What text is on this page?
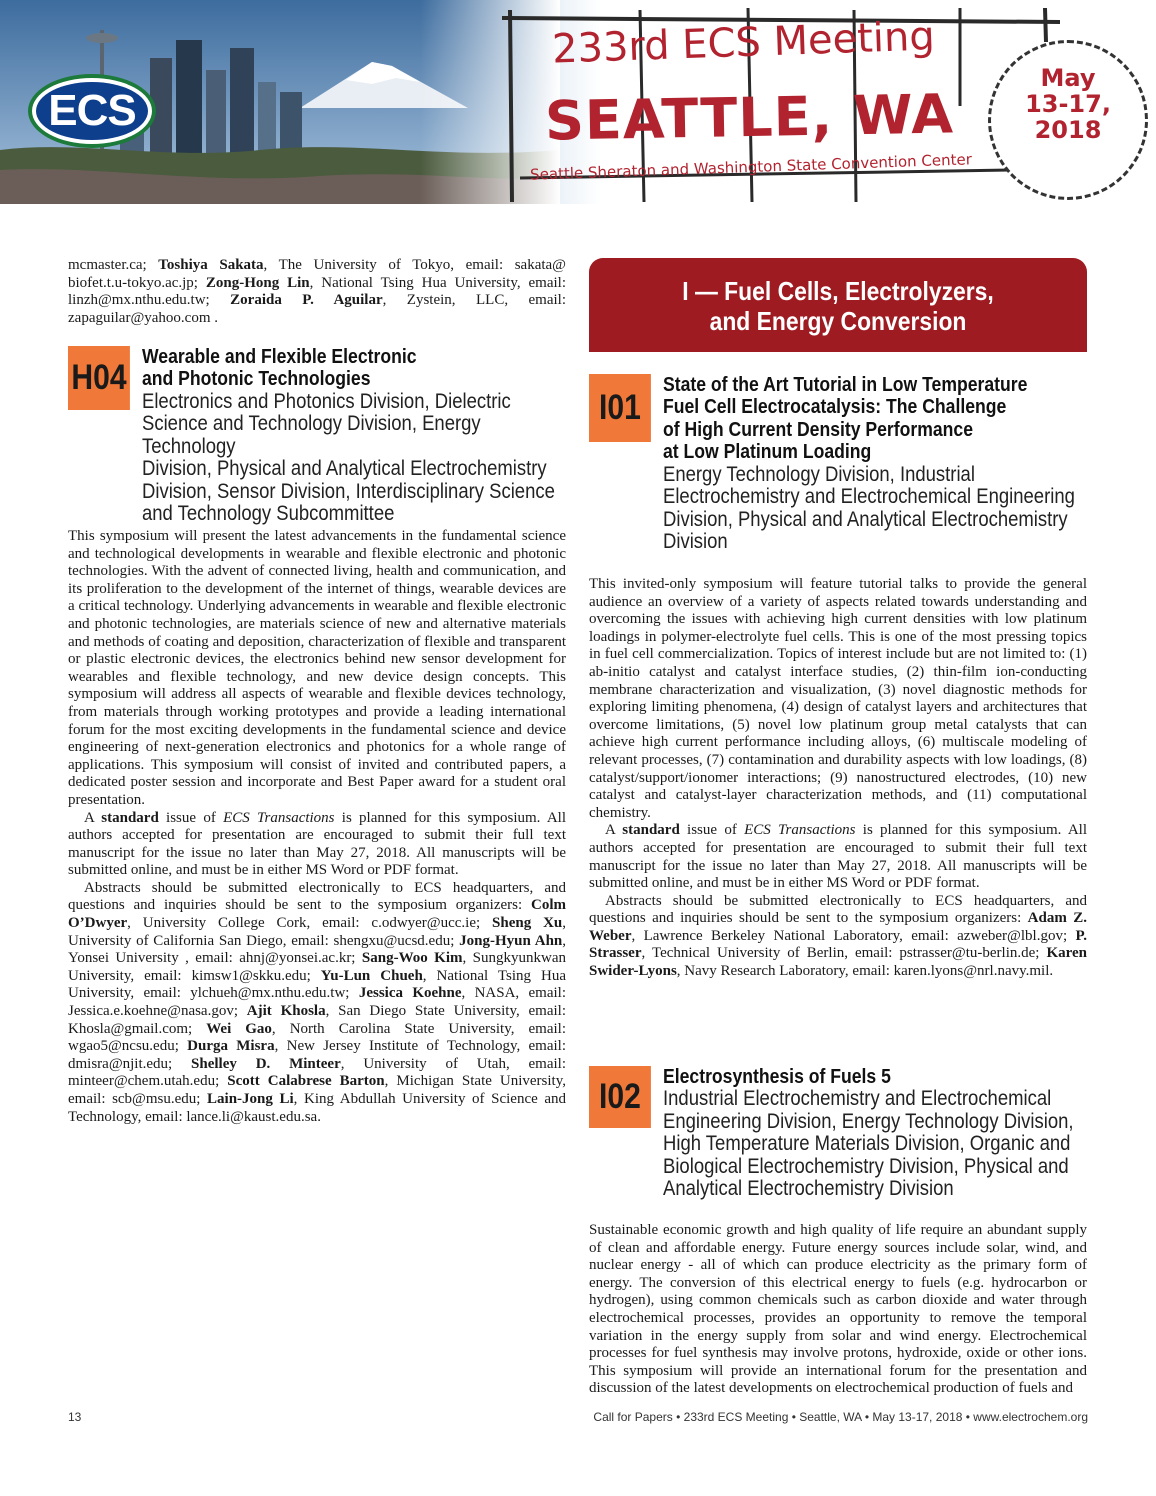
ECS
233rd ECS Meeting
SEATTLE, WA
Seattle Sheraton and Washington State Convention Center
May
13-17,
2018

mcmaster.ca; Toshiya Sakata, The University of Tokyo, email: sakata@ biofet.t.u-tokyo.ac.jp; Zong-Hong Lin, National Tsing Hua University, email: linzh@mx.nthu.edu.tw; Zoraida P. Aguilar, Zystein, LLC, email: zapaguilar@yahoo.com .

H04
Wearable and Flexible Electronic
and Photonic Technologies
Electronics and Photonics Division, Dielectric
Science and Technology Division, Energy Technology
Division, Physical and Analytical Electrochemistry
Division, Sensor Division, Interdisciplinary Science
and Technology Subcommittee

This symposium will present the latest advancements in the fundamental science and technological developments in wearable and flexible electronic and photonic technologies. With the advent of connected living, health and communication, and its proliferation to the development of the internet of things, wearable devices are a critical technology. Underlying advancements in wearable and flexible electronic and photonic technologies, are materials science of new and alternative materials and methods of coating and deposition, characterization of flexible and transparent or plastic electronic devices, the electronics behind new sensor development for wearables and flexible technology, and new device design concepts. This symposium will address all aspects of wearable and flexible devices technology, from materials through working prototypes and provide a leading international forum for the most exciting developments in the fundamental science and device engineering of next-generation electronics and photonics for a whole range of applications. This symposium will consist of invited and contributed papers, a dedicated poster session and incorporate and Best Paper award for a student oral presentation.

A standard issue of ECS Transactions is planned for this symposium. All authors accepted for presentation are encouraged to submit their full text manuscript for the issue no later than May 27, 2018. All manuscripts will be submitted online, and must be in either MS Word or PDF format.

Abstracts should be submitted electronically to ECS headquarters, and questions and inquiries should be sent to the symposium organizers: Colm O’Dwyer, University College Cork, email: c.odwyer@ucc.ie; Sheng Xu, University of California San Diego, email: shengxu@ucsd.edu; Jong-Hyun Ahn, Yonsei University , email: ahnj@yonsei.ac.kr; Sang-Woo Kim, Sungkyunkwan University, email: kimsw1@skku.edu; Yu-Lun Chueh, National Tsing Hua University, email: ylchueh@mx.nthu.edu.tw; Jessica Koehne, NASA, email: Jessica.e.koehne@nasa.gov; Ajit Khosla, San Diego State University, email: Khosla@gmail.com; Wei Gao, North Carolina State University, email: wgao5@ncsu.edu; Durga Misra, New Jersey Institute of Technology, email: dmisra@njit.edu; Shelley D. Minteer, University of Utah, email: minteer@chem.utah.edu; Scott Calabrese Barton, Michigan State University, email: scb@msu.edu; Lain-Jong Li, King Abdullah University of Science and Technology, email: lance.li@kaust.edu.sa.

I — Fuel Cells, Electrolyzers,
and Energy Conversion
I01
State of the Art Tutorial in Low Temperature
Fuel Cell Electrocatalysis: The Challenge
of High Current Density Performance
at Low Platinum Loading
Energy Technology Division, Industrial
Electrochemistry and Electrochemical Engineering
Division, Physical and Analytical Electrochemistry
Division

This invited-only symposium will feature tutorial talks to provide the general audience an overview of a variety of aspects related towards understanding and overcoming the issues with achieving high current densities with low platinum loadings in polymer-electrolyte fuel cells. This is one of the most pressing topics in fuel cell commercialization. Topics of interest include but are not limited to: (1) ab-initio catalyst and catalyst interface studies, (2) thin-film ion-conducting membrane characterization and visualization, (3) novel diagnostic methods for exploring limiting phenomena, (4) design of catalyst layers and architectures that overcome limitations, (5) novel low platinum group metal catalysts that can achieve high current performance including alloys, (6) multiscale modeling of relevant processes, (7) contamination and durability aspects with low loadings, (8) catalyst/support/ionomer interactions; (9) nanostructured electrodes, (10) new catalyst and catalyst-layer characterization methods, and (11) computational chemistry.

A standard issue of ECS Transactions is planned for this symposium. All authors accepted for presentation are encouraged to submit their full text manuscript for the issue no later than May 27, 2018. All manuscripts will be submitted online, and must be in either MS Word or PDF format.

Abstracts should be submitted electronically to ECS headquarters, and questions and inquiries should be sent to the symposium organizers: Adam Z. Weber, Lawrence Berkeley National Laboratory, email: azweber@lbl.gov; P. Strasser, Technical University of Berlin, email: pstrasser@tu-berlin.de; Karen Swider-Lyons, Navy Research Laboratory, email: karen.lyons@nrl.navy.mil.

I02	Electrosynthesis of Fuels 5
Industrial Electrochemistry and Electrochemical
Engineering Division, Energy Technology Division,
High Temperature Materials Division, Organic and
Biological Electrochemistry Division, Physical and
Analytical Electrochemistry Division

Sustainable economic growth and high quality of life require an abundant supply of clean and affordable energy. Future energy sources include solar, wind, and nuclear energy - all of which can produce electricity as the primary form of energy. The conversion of this electrical energy to fuels (e.g. hydrocarbon or hydrogen), using common chemicals such as carbon dioxide and water through electrochemical processes, provides an opportunity to remove the temporal variation in the energy supply from solar and wind energy. Electrochemical processes for fuel synthesis may involve protons, hydroxide, oxide or other ions. This symposium will provide an international forum for the presentation and discussion of the latest developments on electrochemical production of fuels and

13	Call for Papers • 233rd ECS Meeting • Seattle, WA • May 13-17, 2018 • www.electrochem.org
